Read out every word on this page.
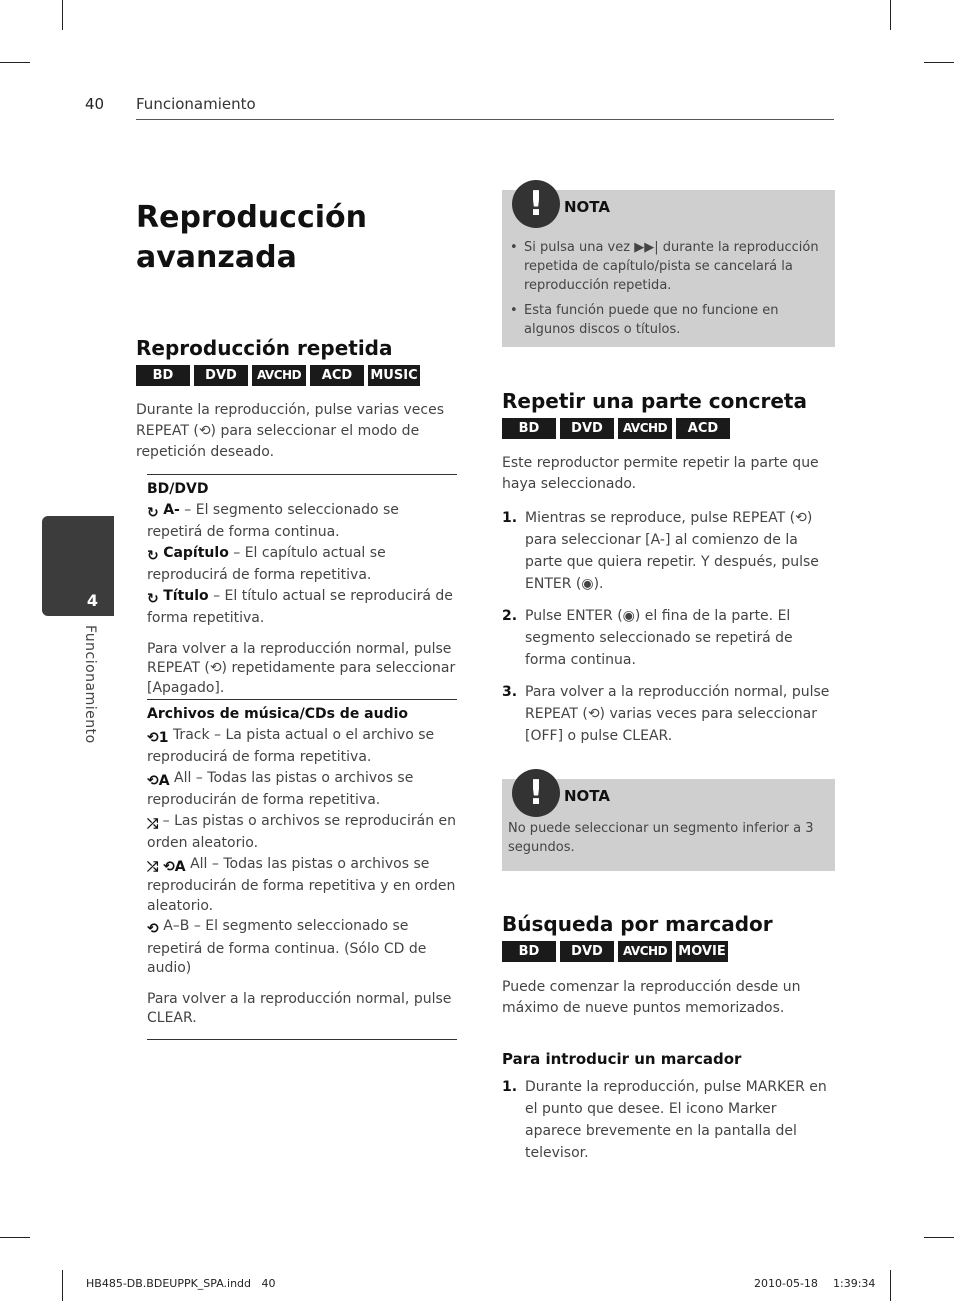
40 Funcionamiento
4
Funcionamiento
Reproducción avanzada
Reproducción repetida
BD	DVD	AVCHD	ACD	MUSIC
Durante la reproducción, pulse varias veces REPEAT (⟲) para seleccionar el modo de repetición deseado.
BD/DVD
↻ A- – El segmento seleccionado se repetirá de forma continua.
↻ Capítulo – El capítulo actual se reproducirá de forma repetitiva.
↻ Título – El título actual se reproducirá de forma repetitiva.
Para volver a la reproducción normal, pulse REPEAT (⟲) repetidamente para seleccionar [Apagado].
Archivos de música/CDs de audio
⟲1 Track – La pista actual o el archivo se reproducirá de forma repetitiva.
⟲A All – Todas las pistas o archivos se reproducirán de forma repetitiva.
⤮ – Las pistas o archivos se reproducirán en orden aleatorio.
⤮ ⟲A All – Todas las pistas o archivos se reproducirán de forma repetitiva y en orden aleatorio.
⟲ A–B – El segmento seleccionado se repetirá de forma continua. (Sólo CD de audio)
Para volver a la reproducción normal, pulse CLEAR.
!	NOTA
• Si pulsa una vez ▶▶| durante la reproducción repetida de capítulo/pista se cancelará la reproducción repetida.
• Esta función puede que no funcione en algunos discos o títulos.
Repetir una parte concreta
BD	DVD	AVCHD	ACD
Este reproductor permite repetir la parte que haya seleccionado.
1. Mientras se reproduce, pulse REPEAT (⟲) para seleccionar [A-] al comienzo de la parte que quiera repetir. Y después, pulse ENTER (◉).
2. Pulse ENTER (◉) el fina de la parte. El segmento seleccionado se repetirá de forma continua.
3. Para volver a la reproducción normal, pulse REPEAT (⟲) varias veces para seleccionar [OFF] o pulse CLEAR.
!	NOTA
No puede seleccionar un segmento inferior a 3 segundos.
Búsqueda por marcador
BD	DVD	AVCHD MOVIE
Puede comenzar la reproducción desde un máximo de nueve puntos memorizados.
Para introducir un marcador
1. Durante la reproducción, pulse MARKER en el punto que desee. El icono Marker aparece brevemente en la pantalla del televisor.
HB485-DB.BDEUPPK_SPA.indd   40	2010-05-18 1:39:34
